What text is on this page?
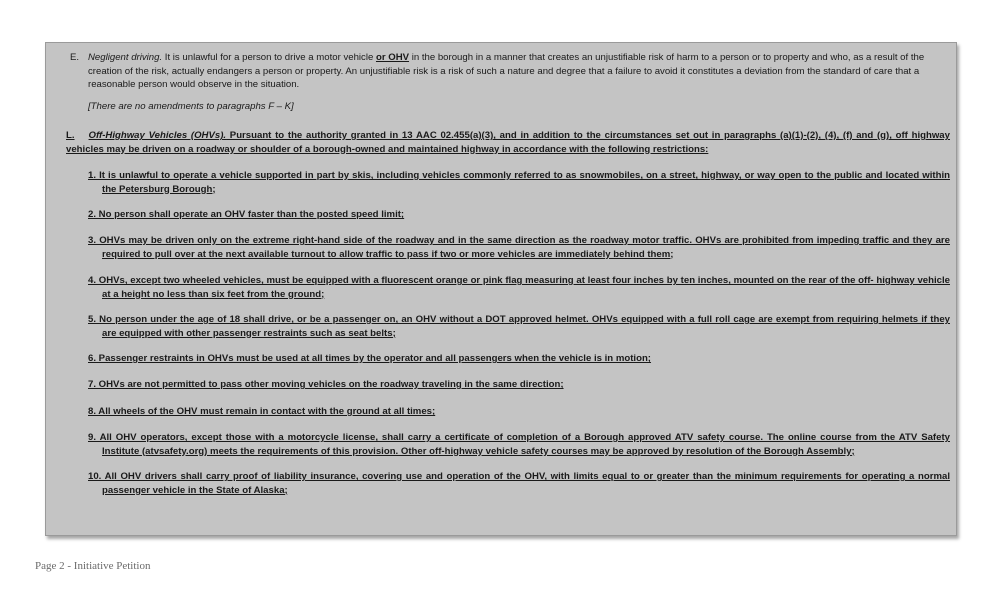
E. Negligent driving. It is unlawful for a person to drive a motor vehicle or OHV in the borough in a manner that creates an unjustifiable risk of harm to a person or to property and who, as a result of the creation of the risk, actually endangers a person or property. An unjustifiable risk is a risk of such a nature and degree that a failure to avoid it constitutes a deviation from the standard of care that a reasonable person would observe in the situation.
[There are no amendments to paragraphs F – K]
L. Off-Highway Vehicles (OHVs). Pursuant to the authority granted in 13 AAC 02.455(a)(3), and in addition to the circumstances set out in paragraphs (a)(1)-(2), (4), (f) and (g), off highway vehicles may be driven on a roadway or shoulder of a borough-owned and maintained highway in accordance with the following restrictions:
1. It is unlawful to operate a vehicle supported in part by skis, including vehicles commonly referred to as snowmobiles, on a street, highway, or way open to the public and located within the Petersburg Borough;
2. No person shall operate an OHV faster than the posted speed limit;
3. OHVs may be driven only on the extreme right-hand side of the roadway and in the same direction as the roadway motor traffic. OHVs are prohibited from impeding traffic and they are required to pull over at the next available turnout to allow traffic to pass if two or more vehicles are immediately behind them;
4. OHVs, except two wheeled vehicles, must be equipped with a fluorescent orange or pink flag measuring at least four inches by ten inches, mounted on the rear of the off- highway vehicle at a height no less than six feet from the ground;
5. No person under the age of 18 shall drive, or be a passenger on, an OHV without a DOT approved helmet. OHVs equipped with a full roll cage are exempt from requiring helmets if they are equipped with other passenger restraints such as seat belts;
6. Passenger restraints in OHVs must be used at all times by the operator and all passengers when the vehicle is in motion;
7. OHVs are not permitted to pass other moving vehicles on the roadway traveling in the same direction;
8. All wheels of the OHV must remain in contact with the ground at all times;
9. All OHV operators, except those with a motorcycle license, shall carry a certificate of completion of a Borough approved ATV safety course. The online course from the ATV Safety Institute (atvsafety.org) meets the requirements of this provision. Other off-highway vehicle safety courses may be approved by resolution of the Borough Assembly;
10. All OHV drivers shall carry proof of liability insurance, covering use and operation of the OHV, with limits equal to or greater than the minimum requirements for operating a normal passenger vehicle in the State of Alaska;
Page 2 - Initiative Petition
